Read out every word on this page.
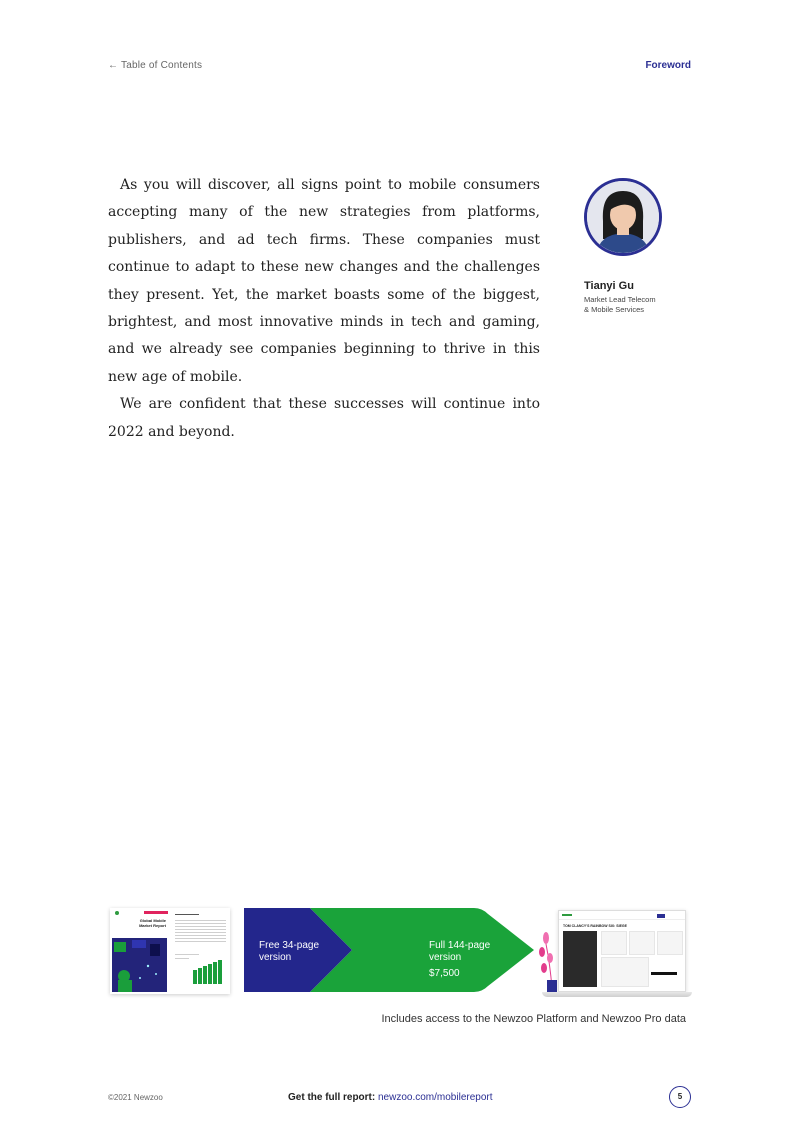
← Table of Contents	Foreword

As you will discover, all signs point to mobile consumers accepting many of the new strategies from platforms, publishers, and ad tech firms. These companies must continue to adapt to these new changes and the challenges they present. Yet, the market boasts some of the biggest, brightest, and most innovative minds in tech and gaming, and we already see companies beginning to thrive in this new age of mobile.

We are confident that these successes will continue into 2022 and beyond.

Tianyi Gu
Market Lead Telecom
& Mobile Services
Global Mobile
Market Report
Free 34-page version
Full 144-page version
$7,500
TOM CLANCY'S RAINBOW SIX: SIEGE
Includes access to the Newzoo Platform and Newzoo Pro data
©2021 Newzoo	Get the full report: newzoo.com/mobilereport	5
